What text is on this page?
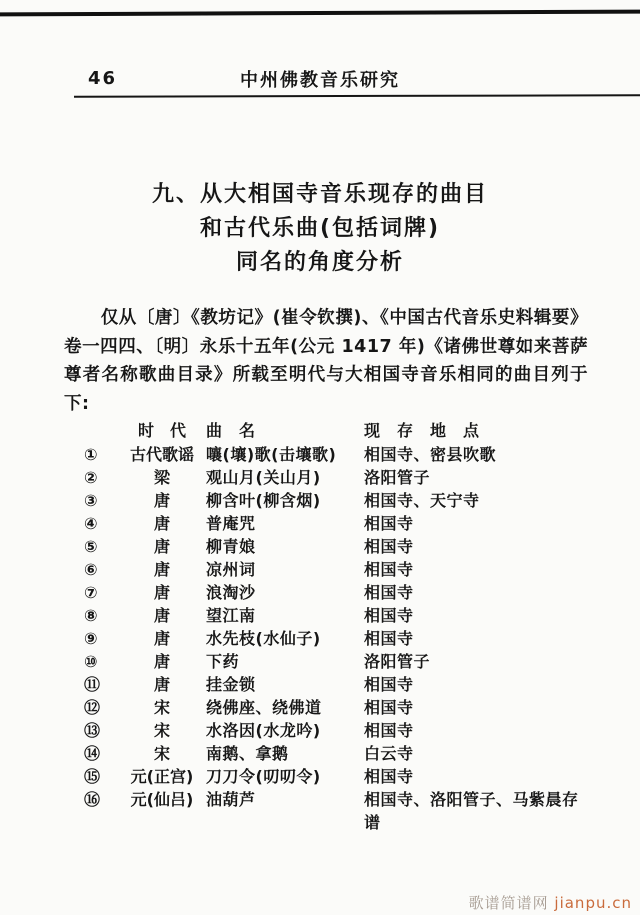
46	中州佛教音乐研究
九、从大相国寺音乐现存的曲目
和古代乐曲(包括词牌)
同名的角度分析
仅从〔唐〕《教坊记》(崔令钦撰)、《中国古代音乐史料辑要》卷一四四、〔明〕永乐十五年(公元 1417 年)《诸佛世尊如来菩萨尊者名称歌曲目录》所载至明代与大相国寺音乐相同的曲目列于下:
时　代	曲　名	现　存　地　点
①	古代歌谣 嚷(壤)歌(击壤歌)	相国寺、密县吹歌
②	梁	观山月(关山月)	洛阳管子
③	唐	柳含叶(柳含烟)	相国寺、天宁寺
④	唐	普庵咒	相国寺
⑤	唐	柳青娘	相国寺
⑥	唐	凉州词	相国寺
⑦	唐	浪淘沙	相国寺
⑧	唐	望江南	相国寺
⑨	唐	水先枝(水仙子)	相国寺
⑩	唐	下药	洛阳管子
⑪	唐	挂金锁	相国寺
⑫	宋	绕佛座、绕佛道	相国寺
⑬	宋	水洛因(水龙吟)	相国寺
⑭	宋	南鹅、拿鹅	白云寺
⑮	元(正宫) 刀刀令(叨叨令)	相国寺
⑯	元(仙吕) 油葫芦	相国寺、洛阳管子、马紫晨存谱
歌谱简谱网 jianpu.cn
